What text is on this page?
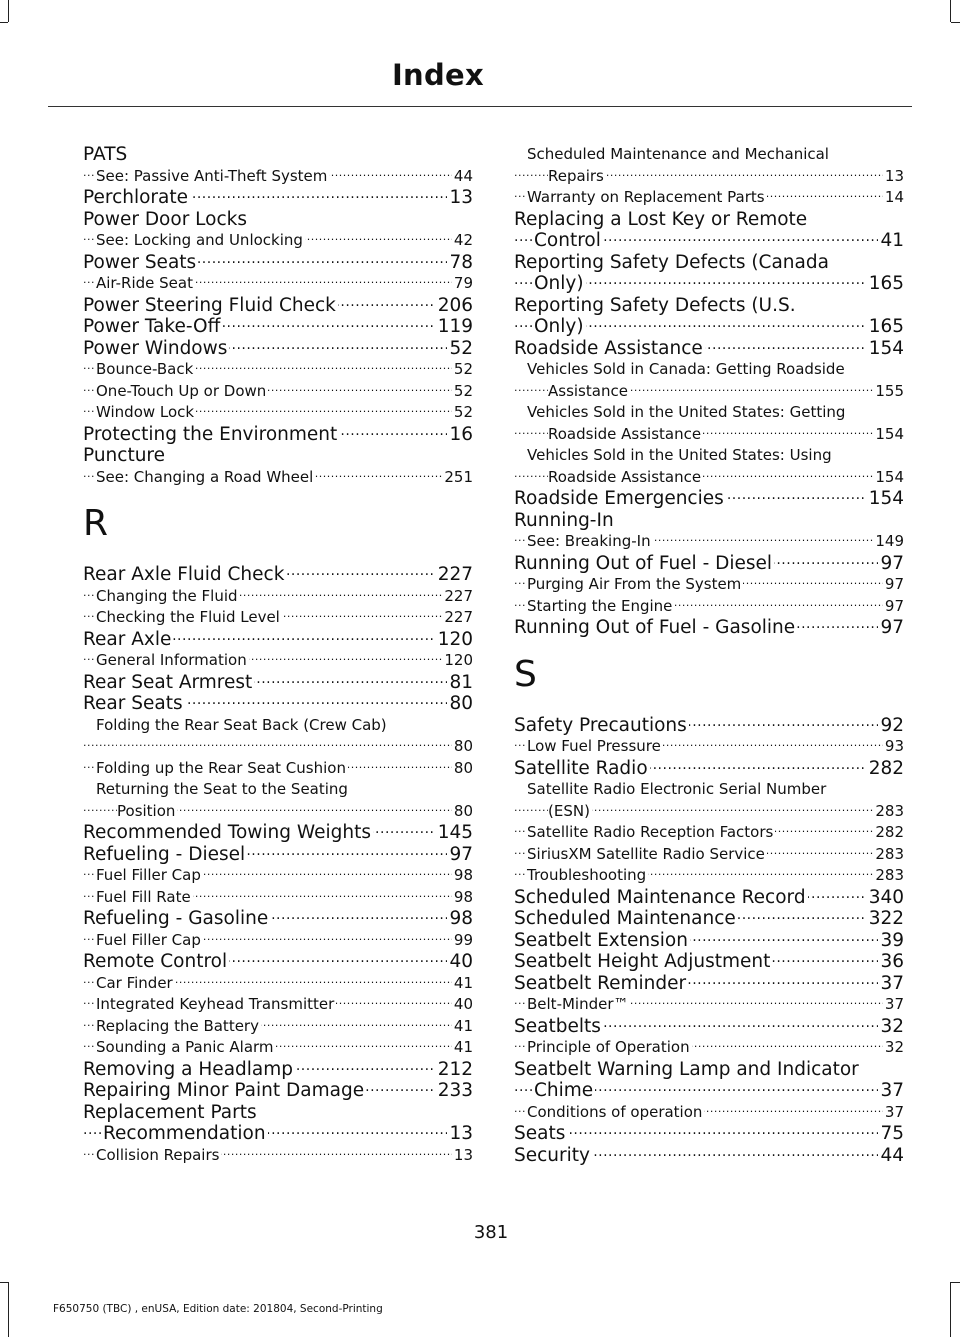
Index
PATS
See: Passive Anti-Theft System	44
.....
Perchlorate	13
.....
Power Door Locks
See: Locking and Unlocking	42
.....
Power Seats	78
.....
Air-Ride Seat	79
.....
Power Steering Fluid Check	206
.....
Power Take-Off	119
.....
Power Windows	52
.....
Bounce-Back	52
.....
One-Touch Up or Down	52
.....
Window Lock	52
.....
Protecting the Environment	16
.....
Puncture
See: Changing a Road Wheel	251
.....
R
Rear Axle Fluid Check	227
.....
Changing the Fluid	227
.....
Checking the Fluid Level	227
.....
Rear Axle	120
.....
General Information	120
.....
Rear Seat Armrest	81
.....
Rear Seats	80
.....
Folding the Rear Seat Back (Crew Cab)
80
.....
Folding up the Rear Seat Cushion	80
.....
Returning the Seat to the Seating
Position	80
.....
Recommended Towing Weights	145
.....
Refueling - Diesel	97
.....
Fuel Filler Cap	98
.....
Fuel Fill Rate	98
.....
Refueling - Gasoline	98
.....
Fuel Filler Cap	99
.....
Remote Control	40
.....
Car Finder	41
.....
Integrated Keyhead Transmitter	40
.....
Replacing the Battery	41
.....
Sounding a Panic Alarm	41
.....
Removing a Headlamp	212
.....
Repairing Minor Paint Damage	233
.....
Replacement Parts
Recommendation	13
.....
Collision Repairs	13
.....
Scheduled Maintenance and Mechanical
Repairs	13
.....
Warranty on Replacement Parts	14
.....
Replacing a Lost Key or Remote
Control	41
.....
Reporting Safety Defects (Canada
Only)	165
.....
Reporting Safety Defects (U.S.
Only)	165
.....
Roadside Assistance	154
.....
Vehicles Sold in Canada: Getting Roadside
Assistance	155
.....
Vehicles Sold in the United States: Getting
Roadside Assistance	154
.....
Vehicles Sold in the United States: Using
Roadside Assistance	154
.....
Roadside Emergencies	154
.....
Running-In
See: Breaking-In	149
.....
Running Out of Fuel - Diesel	97
.....
Purging Air From the System	97
.....
Starting the Engine	97
.....
Running Out of Fuel - Gasoline	97
.....
S
Safety Precautions	92
.....
Low Fuel Pressure	93
.....
Satellite Radio	282
.....
Satellite Radio Electronic Serial Number
(ESN)	283
.....
Satellite Radio Reception Factors	282
.....
SiriusXM Satellite Radio Service	283
.....
Troubleshooting	283
.....
Scheduled Maintenance Record	340
.....
Scheduled Maintenance	322
.....
Seatbelt Extension	39
.....
Seatbelt Height Adjustment	36
.....
Seatbelt Reminder	37
.....
Belt-Minder™	37
.....
Seatbelts	32
.....
Principle of Operation	32
.....
Seatbelt Warning Lamp and Indicator
Chime	37
.....
Conditions of operation	37
.....
Seats	75
.....
Security	44
.....
381
F650750 (TBC) , enUSA, Edition date: 201804, Second-Printing
